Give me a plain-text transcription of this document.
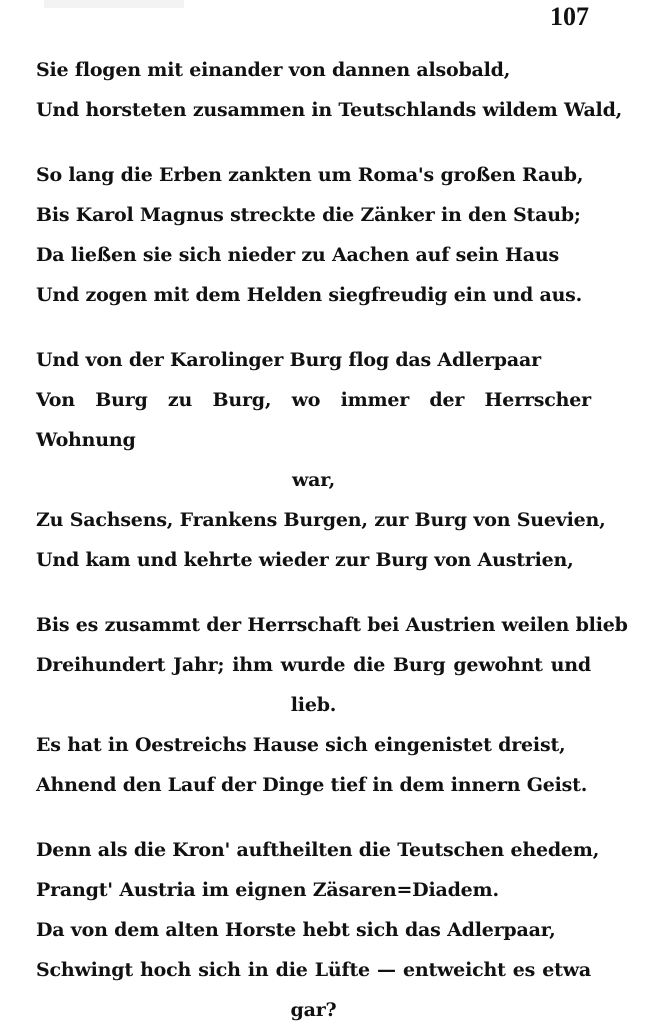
107
Sie flogen mit einander von dannen alsobald,
Und horsteten zusammen in Teutschlands wildem Wald,
So lang die Erben zankten um Roma's großen Raub,
Bis Karol Magnus streckte die Zänker in den Staub;
Da ließen sie sich nieder zu Aachen auf sein Haus
Und zogen mit dem Helden siegfreudig ein und aus.
Und von der Karolinger Burg flog das Adlerpaar
Von Burg zu Burg, wo immer der Herrscher Wohnung
war,
Zu Sachsens, Frankens Burgen, zur Burg von Suevien,
Und kam und kehrte wieder zur Burg von Austrien,
Bis es zusammt der Herrschaft bei Austrien weilen blieb
Dreihundert Jahr; ihm wurde die Burg gewohnt und
lieb.
Es hat in Oestreichs Hause sich eingenistet dreist,
Ahnend den Lauf der Dinge tief in dem innern Geist.
Denn als die Kron' auftheilten die Teutschen ehedem,
Prangt' Austria im eignen Zäsaren=Diadem.
Da von dem alten Horste hebt sich das Adlerpaar,
Schwingt hoch sich in die Lüfte — entweicht es etwa
gar?
